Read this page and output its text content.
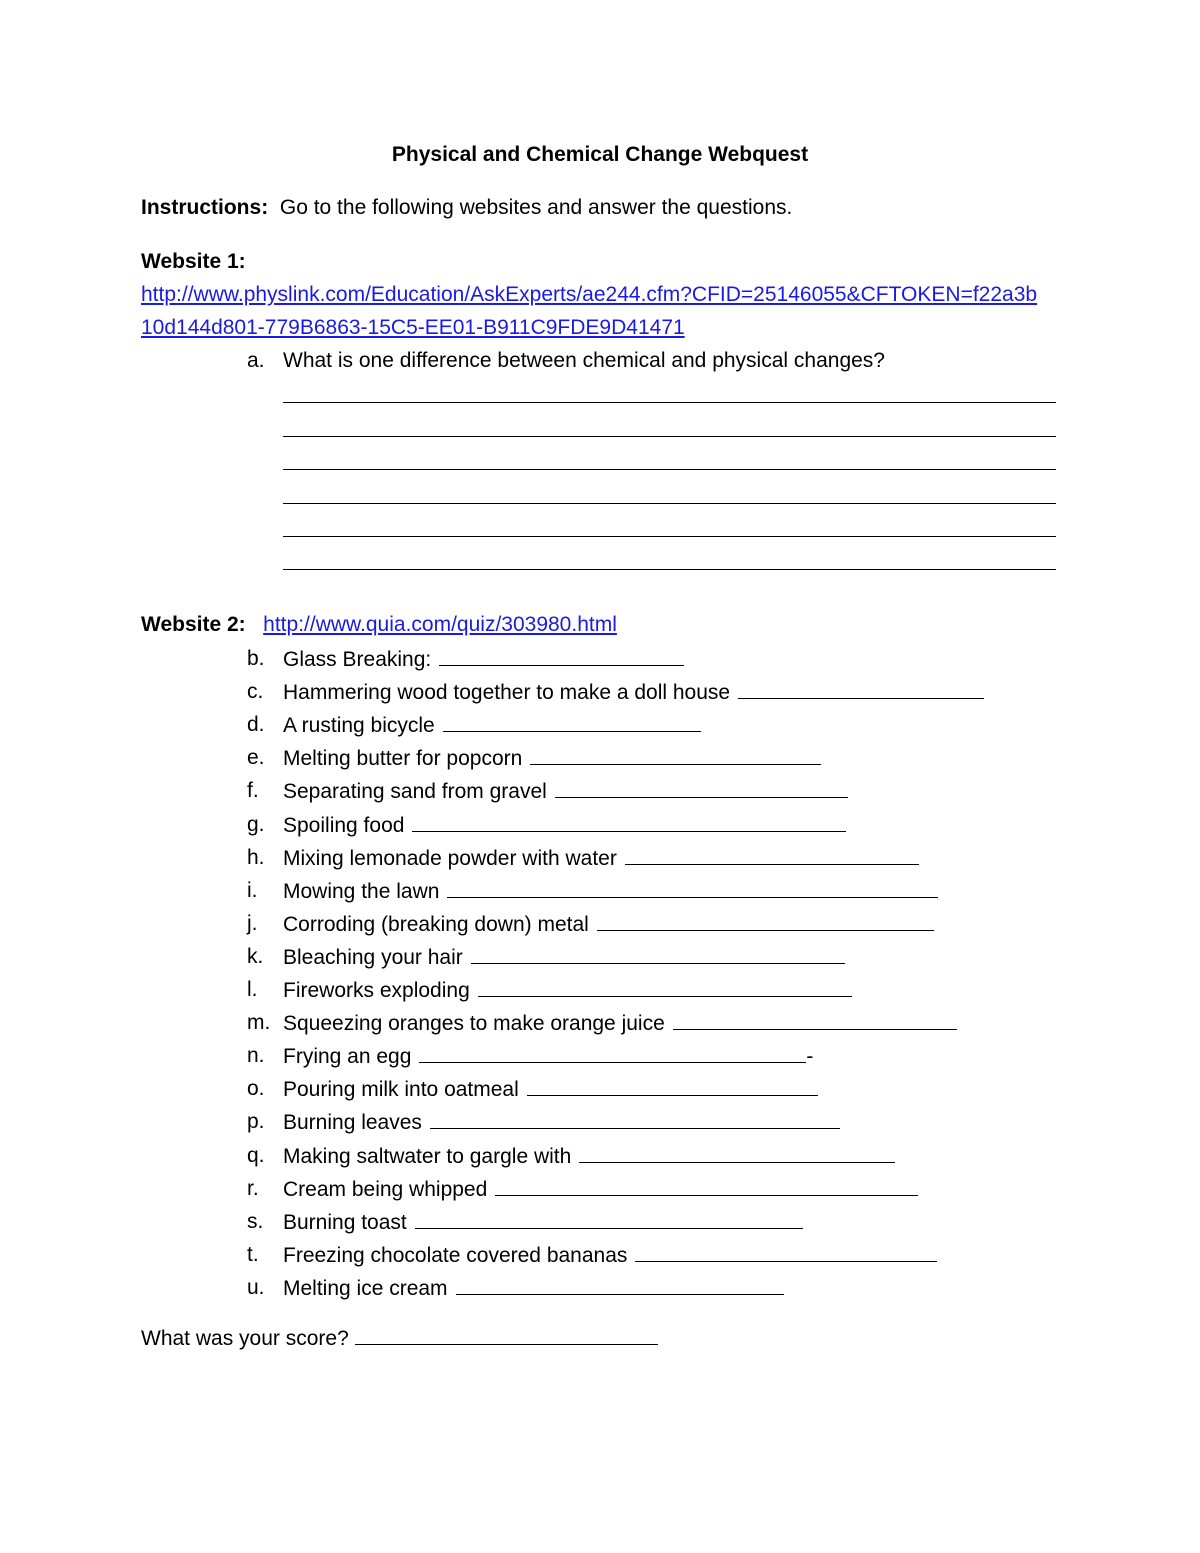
Physical and Chemical Change Webquest
Instructions: Go to the following websites and answer the questions.
Website 1:
http://www.physlink.com/Education/AskExperts/ae244.cfm?CFID=25146055&CFTOKEN=f22a3b
10d144d801-779B6863-15C5-EE01-B911C9FDE9D41471
a. What is one difference between chemical and physical changes?
Website 2: http://www.quia.com/quiz/303980.html
b. Glass Breaking:
c. Hammering wood together to make a doll house
d. A rusting bicycle
e. Melting butter for popcorn
f. Separating sand from gravel
g. Spoiling food
h. Mixing lemonade powder with water
i. Mowing the lawn
j. Corroding (breaking down) metal
k. Bleaching your hair
l. Fireworks exploding
m. Squeezing oranges to make orange juice
n. Frying an egg	-
o. Pouring milk into oatmeal
p. Burning leaves
q. Making saltwater to gargle with
r. Cream being whipped
s. Burning toast
t. Freezing chocolate covered bananas
u. Melting ice cream
What was your score?
